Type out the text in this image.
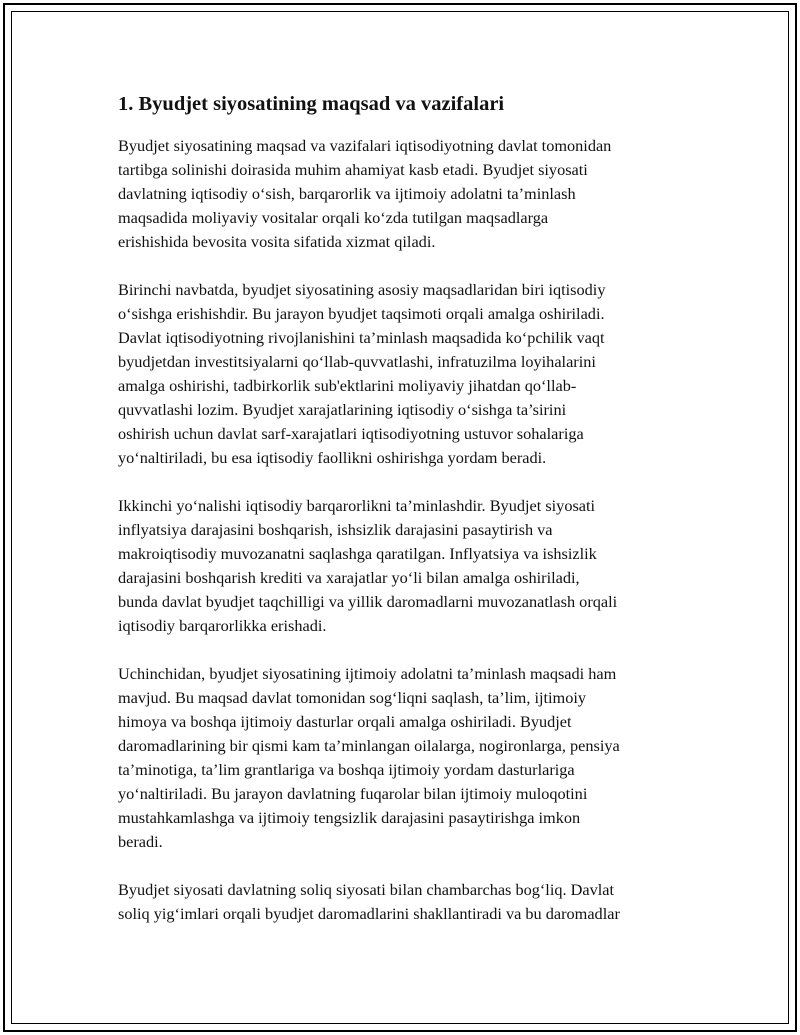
1. Byudjet siyosatining maqsad va vazifalari
Byudjet siyosatining maqsad va vazifalari iqtisodiyotning davlat tomonidan
tartibga solinishi doirasida muhim ahamiyat kasb etadi. Byudjet siyosati
davlatning iqtisodiy o‘sish, barqarorlik va ijtimoiy adolatni ta’minlash
maqsadida moliyaviy vositalar orqali ko‘zda tutilgan maqsadlarga
erishishida bevosita vosita sifatida xizmat qiladi.
Birinchi navbatda, byudjet siyosatining asosiy maqsadlaridan biri iqtisodiy
o‘sishga erishishdir. Bu jarayon byudjet taqsimoti orqali amalga oshiriladi.
Davlat iqtisodiyotning rivojlanishini ta’minlash maqsadida ko‘pchilik vaqt
byudjetdan investitsiyalarni qo‘llab-quvvatlashi, infratuzilma loyihalarini
amalga oshirishi, tadbirkorlik sub'ektlarini moliyaviy jihatdan qo‘llab-
quvvatlashi lozim. Byudjet xarajatlarining iqtisodiy o‘sishga ta’sirini
oshirish uchun davlat sarf-xarajatlari iqtisodiyotning ustuvor sohalariga
yo‘naltiriladi, bu esa iqtisodiy faollikni oshirishga yordam beradi.
Ikkinchi yo‘nalishi iqtisodiy barqarorlikni ta’minlashdir. Byudjet siyosati
inflyatsiya darajasini boshqarish, ishsizlik darajasini pasaytirish va
makroiqtisodiy muvozanatni saqlashga qaratilgan. Inflyatsiya va ishsizlik
darajasini boshqarish krediti va xarajatlar yo‘li bilan amalga oshiriladi,
bunda davlat byudjet taqchilligi va yillik daromadlarni muvozanatlash orqali
iqtisodiy barqarorlikka erishadi.
Uchinchidan, byudjet siyosatining ijtimoiy adolatni ta’minlash maqsadi ham
mavjud. Bu maqsad davlat tomonidan sog‘liqni saqlash, ta’lim, ijtimoiy
himoya va boshqa ijtimoiy dasturlar orqali amalga oshiriladi. Byudjet
daromadlarining bir qismi kam ta’minlangan oilalarga, nogironlarga, pensiya
ta’minotiga, ta’lim grantlariga va boshqa ijtimoiy yordam dasturlariga
yo‘naltiriladi. Bu jarayon davlatning fuqarolar bilan ijtimoiy muloqotini
mustahkamlashga va ijtimoiy tengsizlik darajasini pasaytirishga imkon
beradi.
Byudjet siyosati davlatning soliq siyosati bilan chambarchas bog‘liq. Davlat
soliq yig‘imlari orqali byudjet daromadlarini shakllantiradi va bu daromadlar
